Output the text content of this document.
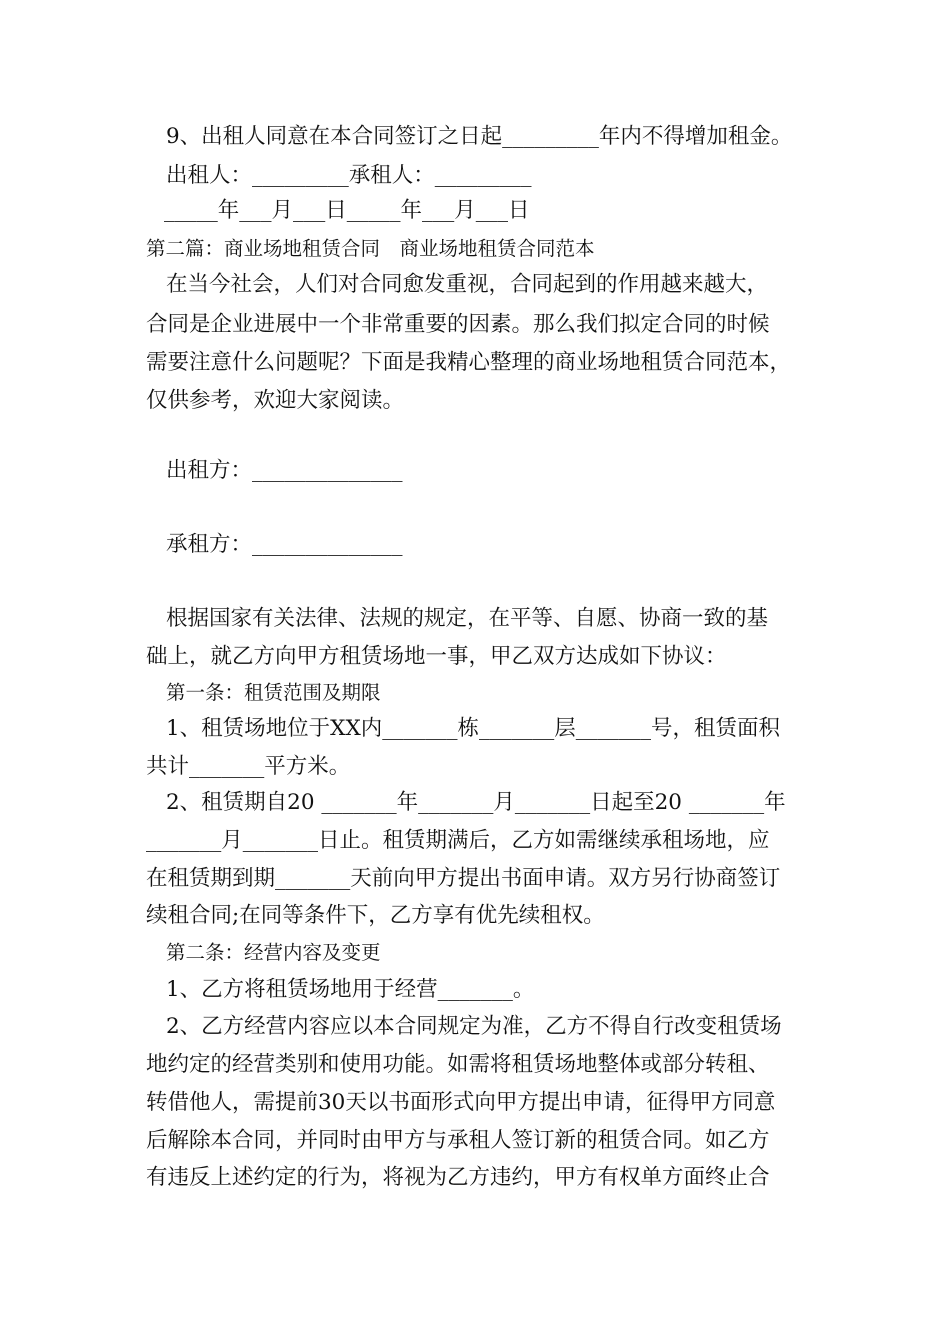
9、出租人同意在本合同签订之日起_________年内不得增加租金。
出租人：_________承租人：_________
_____年___月___日_____年___月___日
第二篇：商业场地租赁合同　商业场地租赁合同范本
在当今社会，人们对合同愈发重视，合同起到的作用越来越大，
合同是企业进展中一个非常重要的因素。那么我们拟定合同的时候
需要注意什么问题呢？下面是我精心整理的商业场地租赁合同范本，
仅供参考，欢迎大家阅读。
出租方：______________
承租方：______________
根据国家有关法律、法规的规定，在平等、自愿、协商一致的基
础上，就乙方向甲方租赁场地一事，甲乙双方达成如下协议：
第一条：租赁范围及期限
1、租赁场地位于XX内_______栋_______层_______号，租赁面积
共计_______平方米。
2、租赁期自20 _______年_______月_______日起至20 _______年
_______月_______日止。租赁期满后，乙方如需继续承租场地，应
在租赁期到期_______天前向甲方提出书面申请。双方另行协商签订
续租合同;在同等条件下，乙方享有优先续租权。
第二条：经营内容及变更
1、乙方将租赁场地用于经营_______。
2、乙方经营内容应以本合同规定为准，乙方不得自行改变租赁场
地约定的经营类别和使用功能。如需将租赁场地整体或部分转租、
转借他人，需提前30天以书面形式向甲方提出申请，征得甲方同意
后解除本合同，并同时由甲方与承租人签订新的租赁合同。如乙方
有违反上述约定的行为，将视为乙方违约，甲方有权单方面终止合
